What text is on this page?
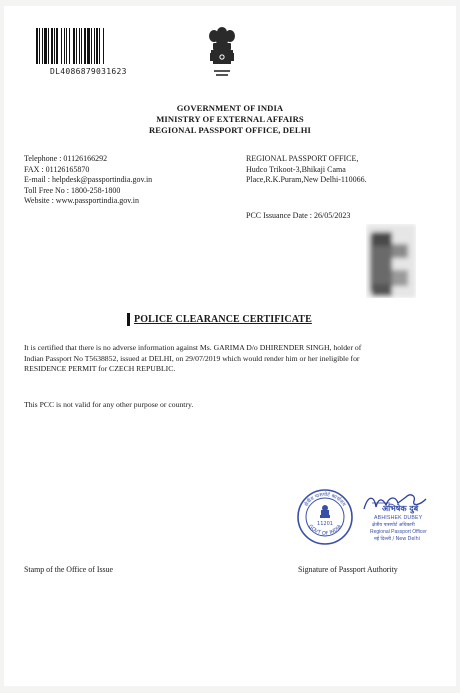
DL4086879031623
GOVERNMENT OF INDIA
MINISTRY OF EXTERNAL AFFAIRS
REGIONAL PASSPORT OFFICE, DELHI
Telephone : 01126166292
FAX : 01126165870
E-mail : helpdesk@passportindia.gov.in
Toll Free No : 1800-258-1800
Website : www.passportindia.gov.in
REGIONAL PASSPORT OFFICE,
Hudco Trikoot-3,Bhikaji Cama
Place,R.K.Puram,New Delhi-110066.
PCC Issuance Date : 26/05/2023
POLICE CLEARANCE CERTIFICATE
It is certified that there is no adverse information against Ms. GARIMA D/o DHIRENDER SINGH, holder of
Indian Passport No T5638852, issued at DELHI, on 29/07/2019 which would render him or her ineligible for
RESIDENCE PERMIT for CZECH REPUBLIC.
This PCC is not valid for any other purpose or country.
क्षेत्रीय पासपोर्ट कार्यालय
GOVT OF INDIA
11201
अभिषेक दुबे
ABHISHEK DUBEY
क्षेत्रीय पासपोर्ट अधिकारी
Regional Passport Officer
नई दिल्ली / New Delhi
Stamp of the Office of Issue	Signature of Passport Authority
